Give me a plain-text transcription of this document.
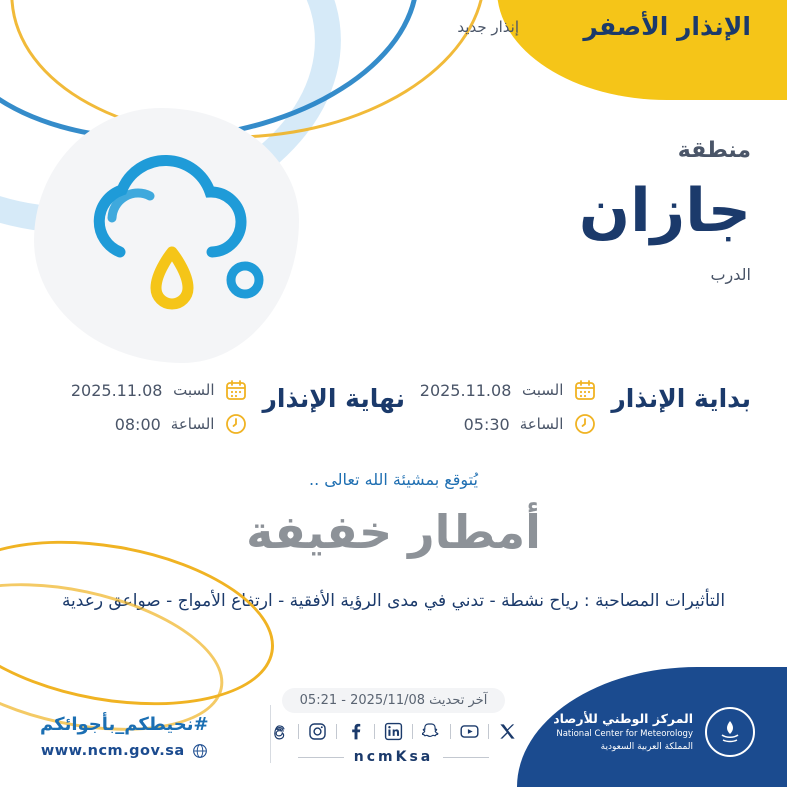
الإنذار الأصفر
إنذار جديد
منطقة
جازان
الدرب
بداية الإنذار
السبت
2025.11.08
الساعة
05:30
نهاية الإنذار
السبت
2025.11.08
الساعة
08:00
يُتوقع بمشيئة الله تعالى ..
أمطار خفيفة
التأثيرات المصاحبة : رياح نشطة - تدني في مدى الرؤية الأفقية - ارتفاع الأمواج - صواعق رعدية
آخر تحديث 2025/11/08 - 05:21
المركز الوطني للأرصاد
National Center for Meteorology
المملكة العربية السعودية
ncmKsa
#نحيطكم_بأجوائكم
www.ncm.gov.sa
